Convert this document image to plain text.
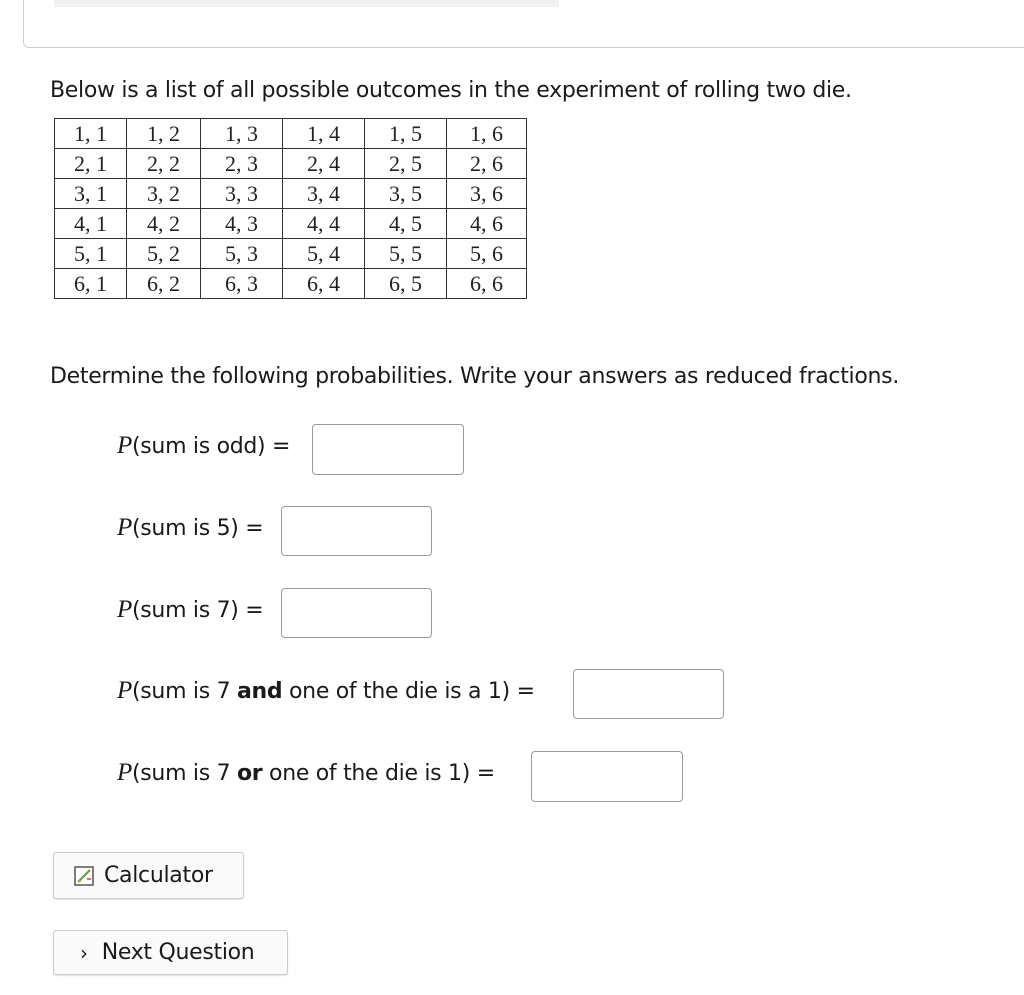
Below is a list of all possible outcomes in the experiment of rolling two die.
1, 1	1, 2	1, 3	1, 4	1, 5	1, 6
2, 1	2, 2	2, 3	2, 4	2, 5	2, 6
3, 1	3, 2	3, 3	3, 4	3, 5	3, 6
4, 1	4, 2	4, 3	4, 4	4, 5	4, 6
5, 1	5, 2	5, 3	5, 4	5, 5	5, 6
6, 1	6, 2	6, 3	6, 4	6, 5	6, 6
Determine the following probabilities. Write your answers as reduced fractions.
P(sum is odd) =
P(sum is 5) =
P(sum is 7) =
P(sum is 7 and one of the die is a 1) =
P(sum is 7 or one of the die is 1) =
Calculator
› Next Question
